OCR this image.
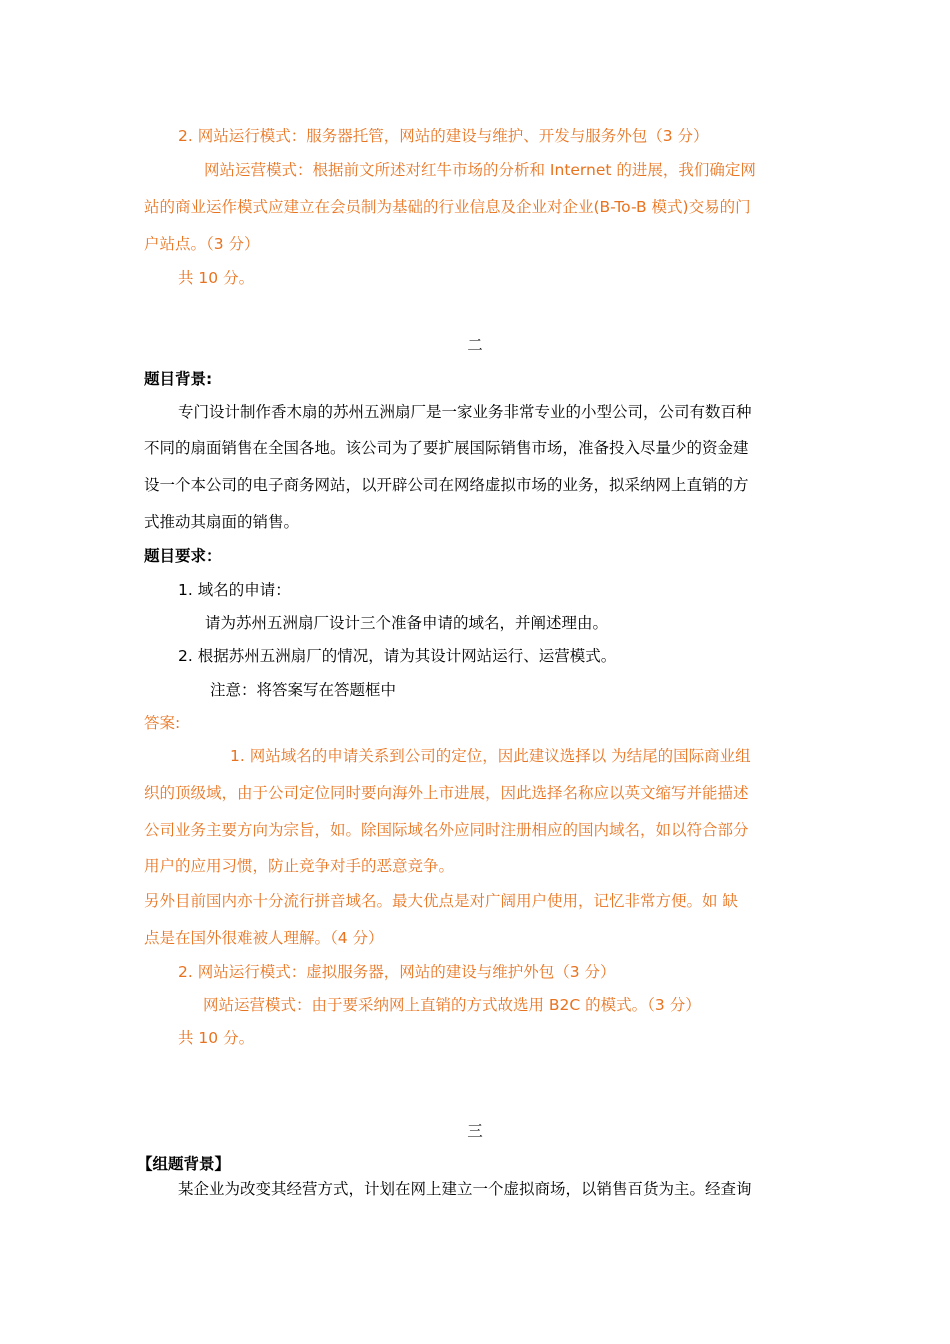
2. 网站运行模式：服务器托管，网站的建设与维护、开发与服务外包（3 分）
网站运营模式：根据前文所述对红牛市场的分析和 Internet 的进展，我们确定网
站的商业运作模式应建立在会员制为基础的行业信息及企业对企业(B-To-B 模式)交易的门
户站点。（3 分）
共 10 分。
二
题目背景:
专门设计制作香木扇的苏州五洲扇厂是一家业务非常专业的小型公司，公司有数百种
不同的扇面销售在全国各地。该公司为了要扩展国际销售市场，准备投入尽量少的资金建
设一个本公司的电子商务网站，以开辟公司在网络虚拟市场的业务，拟采纳网上直销的方
式推动其扇面的销售。
题目要求：
1. 域名的申请：
请为苏州五洲扇厂设计三个准备申请的域名，并阐述理由。
2. 根据苏州五洲扇厂的情况，请为其设计网站运行、运营模式。
注意：将答案写在答题框中
答案:
1. 网站域名的申请关系到公司的定位，因此建议选择以 为结尾的国际商业组
织的顶级域，由于公司定位同时要向海外上市进展，因此选择名称应以英文缩写并能描述
公司业务主要方向为宗旨，如。除国际域名外应同时注册相应的国内域名，如以符合部分
用户的应用习惯，防止竞争对手的恶意竞争。
另外目前国内亦十分流行拼音域名。最大优点是对广阔用户使用，记忆非常方便。如 缺
点是在国外很难被人理解。（4 分）
2. 网站运行模式：虚拟服务器，网站的建设与维护外包（3 分）
网站运营模式：由于要采纳网上直销的方式故选用 B2C 的模式。（3 分）
共 10 分。
三
【组题背景】
某企业为改变其经营方式，计划在网上建立一个虚拟商场，以销售百货为主。经查询
